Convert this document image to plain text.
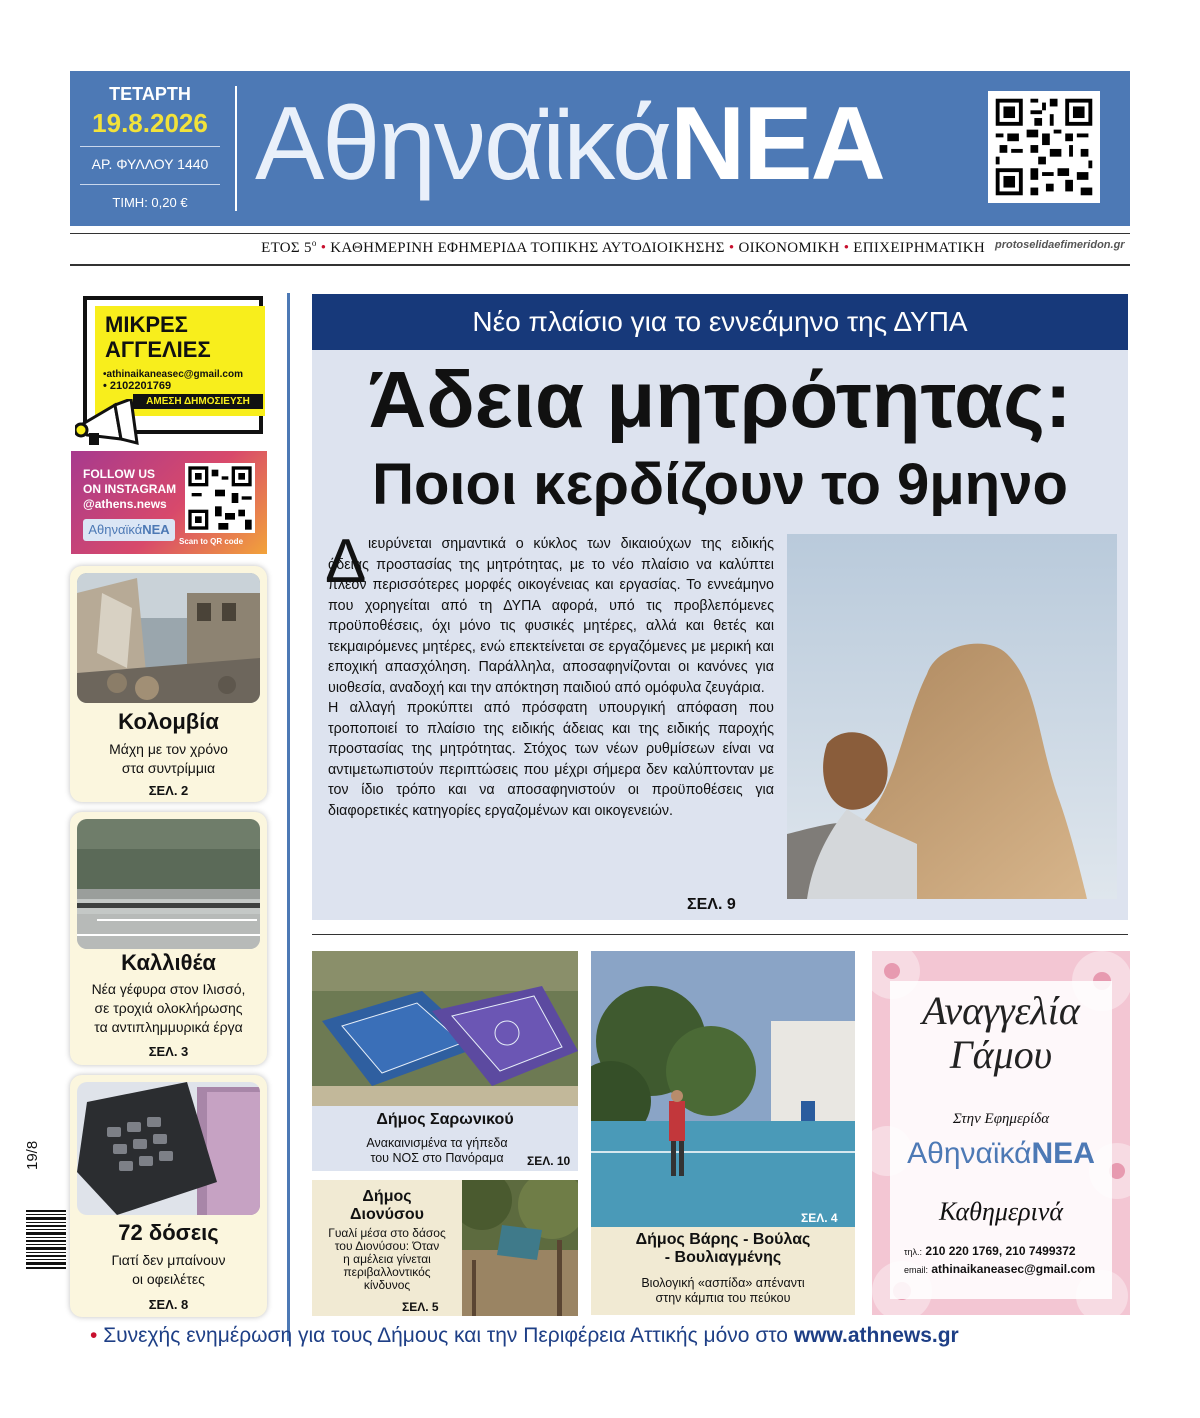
ΤΕΤΑΡΤΗ
19.8.2026
ΑΡ. ΦΥΛΛΟΥ 1440
ΤΙΜΗ: 0,20 €
ΑθηναϊκάΝΕΑ
ΕΤΟΣ $5^o$ • ΚΑΘΗΜΕΡΙΝΗ ΕΦΗΜΕΡΙΔΑ ΤΟΠΙΚΗΣ ΑΥΤΟΔΙΟΙΚΗΣΗΣ • ΟΙΚΟΝΟΜΙΚΗ • ΕΠΙΧΕΙΡΗΜΑΤΙΚΗ protoselidaefimeridon.gr
ΜΙΚΡΕΣ
ΑΓΓΕΛΙΕΣ
•athinaikaneasec@gmail.com
• 2102201769
ΑΜΕΣΗ ΔΗΜΟΣΙΕΥΣΗ
FOLLOW US
ON INSTAGRAM
@athens.news
ΑθηναϊκάΝΕΑ
Scan to QR code
Κολομβία
Μάχη με τον χρόνο
στα συντρίμμια
ΣΕΛ. 2
Καλλιθέα
Νέα γέφυρα στον Ιλισσό,
σε τροχιά ολοκλήρωσης
τα αντιπλημμυρικά έργα
ΣΕΛ. 3
72 δόσεις
Γιατί δεν μπαίνουν
οι οφειλέτες
ΣΕΛ. 8
19/8
Νέο πλαίσιο για το εννεάμηνο της ΔΥΠΑ
Άδεια μητρότητας:
Ποιοι κερδίζουν το 9μηνο
Δ ιευρύνεται σημαντικά ο κύκλος των δικαιούχων της ειδικής άδειας προστασίας της μητρότητας, με το νέο πλαίσιο να καλύπτει πλέον περισσότερες μορφές οικογένειας και εργασίας. Το εννεάμηνο που χορηγείται από τη ΔΥΠΑ αφορά, υπό τις προβλεπόμενες προϋποθέσεις, όχι μόνο τις φυσικές μητέρες, αλλά και θετές και τεκμαιρόμενες μητέρες, ενώ επεκτείνεται σε εργαζόμενες με μερική και εποχική απασχόληση. Παράλληλα, αποσαφηνίζονται οι κανόνες για υιοθεσία, αναδοχή και την απόκτηση παιδιού από ομόφυλα ζευγάρια.
Η αλλαγή προκύπτει από πρόσφατη υπουργική απόφαση που τροποποιεί το πλαίσιο της ειδικής άδειας και της ειδικής παροχής προστασίας της μητρότητας. Στόχος των νέων ρυθμίσεων είναι να αντιμετωπιστούν περιπτώσεις που μέχρι σήμερα δεν καλύπτονταν με τον ίδιο τρόπο και να αποσαφηνιστούν οι προϋποθέσεις για διαφορετικές κατηγορίες εργαζομένων και οικογενειών.
ΣΕΛ. 9
Δήμος Σαρωνικού
Ανακαινισμένα τα γήπεδα
του ΝΟΣ στο Πανόραμα	ΣΕΛ. 10
Δήμος
Διονύσου
Γυαλί μέσα στο δάσος
του Διονύσου: Όταν
η αμέλεια γίνεται
περιβαλλοντικός
κίνδυνος
ΣΕΛ. 5
ΣΕΛ. 4
Δήμος Βάρης - Βούλας
- Βουλιαγμένης
Βιολογική «ασπίδα» απέναντι
στην κάμπια του πεύκου
Αναγγελία
Γάμου
Στην Εφημερίδα
ΑθηναϊκάΝΕΑ
Καθημερινά
τηλ.: 210 220 1769, 210 7499372
email: athinaikaneasec@gmail.com
• Συνεχής ενημέρωση για τους Δήμους και την Περιφέρεια Αττικής μόνο στο www.athnews.gr
